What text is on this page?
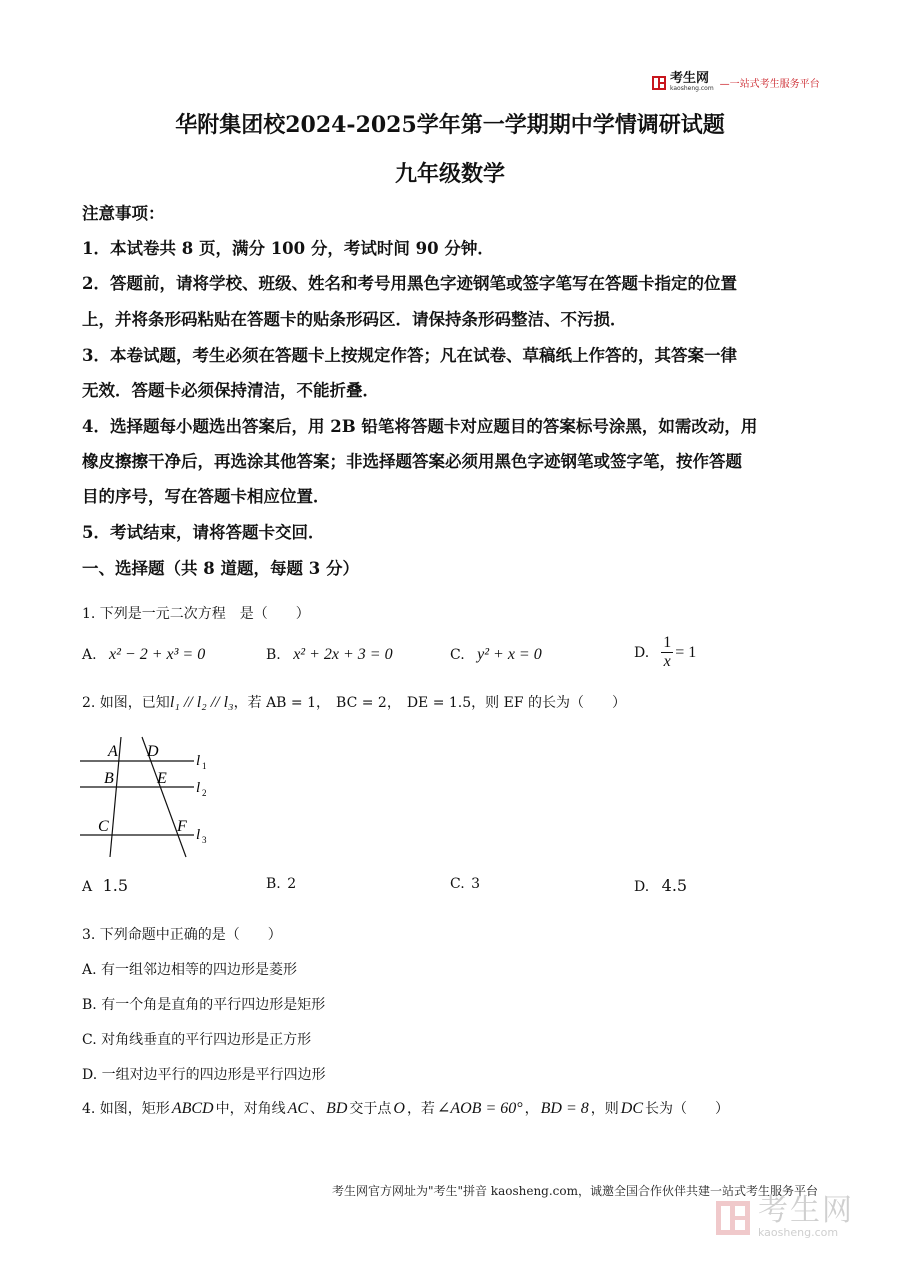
考生网
kaosheng.com —一站式考生服务平台
华附集团校2024-2025学年第一学期期中学情调研试题
九年级数学
注意事项：
1．本试卷共 8 页，满分 100 分，考试时间 90 分钟．
2．答题前，请将学校、班级、姓名和考号用黑色字迹钢笔或签字笔写在答题卡指定的位置
上，并将条形码粘贴在答题卡的贴条形码区．请保持条形码整洁、不污损．
3．本卷试题，考生必须在答题卡上按规定作答；凡在试卷、草稿纸上作答的，其答案一律
无效．答题卡必须保持清洁，不能折叠．
4．选择题每小题选出答案后，用 2B 铅笔将答题卡对应题目的答案标号涂黑，如需改动，用
橡皮擦擦干净后，再选涂其他答案；非选择题答案必须用黑色字迹钢笔或签字笔，按作答题
目的序号，写在答题卡相应位置．
5．考试结束，请将答题卡交回．
一、选择题（共 8 道题，每题 3 分）
1. 下列是一元二次方程　是（　　）
A. x² − 2 + x³ = 0	B. x² + 2x + 3 = 0	C. y² + x = 0	D. $\frac{1}{x} = 1$
2. 如图，已知l₁ // l₂ // l₃，若 AB = 1， BC = 2， DE = 1.5，则 EF 的长为（　　）
A D
B	E
C	F
l 1
l 2
l 3
A 1.5	B. 2	C. 3	D. 4.5
3. 下列命题中正确的是（　　）
A. 有一组邻边相等的四边形是菱形
B. 有一个角是直角的平行四边形是矩形
C. 对角线垂直的平行四边形是正方形
D. 一组对边平行的四边形是平行四边形
4. 如图，矩形 ABCD 中，对角线 AC 、 BD 交于点 O ，若 ∠AOB = 60° ， BD = 8 ，则 DC 长为（　　）
考生网官方网址为"考生"拼音 kaosheng.com，诚邀全国合作伙伴共建一站式考生服务平台
考生网
kaosheng.com
